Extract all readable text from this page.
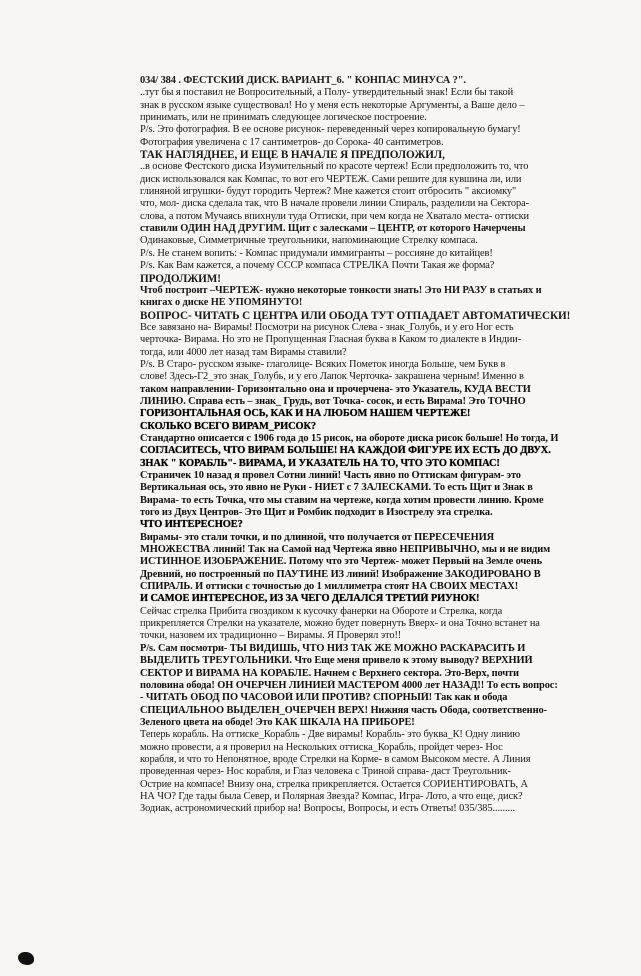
034/ 384 . ФЕСТСКИЙ ДИСК. ВАРИАНТ_6. " КОНПАС МИНУСА ?".
..тут бы я поставил не Вопросительный, а Полу- утвердительный знак! Если бы такой
знак в русском языке существовал! Но у меня есть некоторые Аргументы, а Ваше дело –
принимать, или не принимать следующее логическое построение.
P/s. Это фотография. В ее основе рисунок- переведенный через копировальную бумагу!
Фотография увеличена с 17 сантиметров- до Сорока- 40 сантиметров.
ТАК НАГЛЯДНЕЕ, И ЕЩЕ В НАЧАЛЕ Я ПРЕДПОЛОЖИЛ,
..в основе Фестского диска Изумительный по красоте чертеж! Если предположить то, что
диск использовался как Компас, то вот его ЧЕРТЕЖ. Сами решите для кувшина ли, или
глиняной игрушки- будут городить Чертеж? Мне кажется стоит отбросить " аксиомку"
что, мол- диска сделала так, что В начале провели линии Спираль, разделили на Сектора-
слова, а потом Мучаясь впихнули туда Оттиски, при чем когда не Хватало места- оттиски
ставили ОДИН НАД ДРУГИМ. Щит с залесками – ЦЕНТР, от которого Начерчены
Одинаковые, Симметричные треугольники, напоминающие Стрелку компаса.
P/s. Не станем вопить: - Компас придумали иммигранты – россияне до китайцев!
P/s. Как Вам кажется, а почему СССР компаса СТРЕЛКА Почти Такая же форма?
ПРОДОЛЖИМ!
Чтоб построит –ЧЕРТЕЖ- нужно некоторые тонкости знать! Это НИ РАЗУ в статьях и
книгах о диске НЕ УПОМЯНУТО!
ВОПРОС- ЧИТАТЬ С ЦЕНТРА ИЛИ ОБОДА ТУТ ОТПАДАЕТ АВТОМАТИЧЕСКИ!
Все завязано на- Вирамы! Посмотри на рисунок Слева - знак_Голубь, и у его Ног есть
черточка- Вирама. Но это не Пропущенная Гласная буква в Каком то диалекте в Индии-
тогда, или 4000 лет назад там Вирамы ставили?
P/s. В Старо- русском языке- глаголице- Всяких Пометок иногда Больше, чем Букв в
слове! Здесь-Г2_это знак_Голубь, и у его Лапок Черточка- закрашена черным! Именно в
таком направлении- Горизонтально она и прочерчена- это Указатель, КУДА ВЕСТИ
ЛИНИЮ. Справа есть – знак_ Грудь, вот Точка- сосок, и есть Вирама! Это ТОЧНО
ГОРИЗОНТАЛЬНАЯ ОСЬ, КАК И НА ЛЮБОМ НАШЕМ ЧЕРТЕЖЕ!
СКОЛЬКО ВСЕГО ВИРАМ_РИСОК?
Стандартно описается с 1906 года до 15 рисок, на обороте диска рисок больше! Но тогда, И
СОГЛАСИТЕСЬ, ЧТО ВИРАМ БОЛЬШЕ! НА КАЖДОЙ ФИГУРЕ ИХ ЕСТЬ ДО ДВУХ.
ЗНАК " КОРАБЛЬ"- ВИРАМА, И УКАЗАТЕЛЬ НА ТО, ЧТО ЭТО КОМПАС!
Страничек 10 назад я провел Сотни линий! Часть явно по Оттискам фигурам- это
Вертикальная ось, это явно не Руки - НИЕТ с 7 ЗАЛЕСКАМИ. То есть Щит и Знак в
Вирама- то есть Точка, что мы ставим на чертеже, когда хотим провести линию. Кроме
того из Двух Центров- Это Щит и Ромбик подходит в Изострелу эта стрелка.
ЧТО ИНТЕРЕСНОЕ?
Вирамы- это стали точки, и по длинной, что получается от ПЕРЕСЕЧЕНИЯ
МНОЖЕСТВА линий! Так на Самой над Чертежа явно НЕПРИВЫЧНО, мы и не видим
ИСТИННОЕ ИЗОБРАЖЕНИЕ. Потому что это Чертеж- может Первый на Земле очень
Древний, но построенный по ПАУТИНЕ ИЗ линий! Изображение ЗАКОДИРОВАНО В
СПИРАЛЬ. И оттиски с точностью до 1 миллиметра стоят НА СВОИХ МЕСТАХ!
И САМОЕ ИНТЕРЕСНОЕ, ИЗ ЗА ЧЕГО ДЕЛАЛСЯ ТРЕТИЙ РИУНОК!
Сейчас стрелка Прибита гвоздиком к кусочку фанерки на Обороте и Стрелка, когда
прикрепляется Стрелки на указателе, можно будет повернуть Вверх- и она Точно встанет на
точки, назовем их традиционно – Вирамы. Я Проверял это!!
P/s. Сам посмотри- ТЫ ВИДИШЬ, ЧТО НИЗ ТАК ЖЕ МОЖНО РАСКАРАСИТЬ И
ВЫДЕЛИТЬ ТРЕУГОЛЬНИКИ. Что Еще меня привело к этому выводу? ВЕРХНИЙ
СЕКТОР И ВИРАМА НА КОРАБЛЕ. Начнем с Верхнего сектора. Это-Верх, почти
половина обода! ОН ОЧЕРЧЕН ЛИНИЕЙ МАСТЕРОМ 4000 лет НАЗАД!! То есть вопрос:
- ЧИТАТЬ ОБОД ПО ЧАСОВОЙ ИЛИ ПРОТИВ? СПОРНЫЙ! Так как и обода
СПЕЦИАЛЬНОО ВЫДЕЛЕН_ОЧЕРЧЕН ВЕРХ! Нижняя часть Обода, соответственно-
Зеленого цвета на ободе! Это КАК ШКАЛА НА ПРИБОРЕ!
Теперь корабль. На оттиске_Корабль - Две вирамы! Корабль- это буква_К! Одну линию
можно провести, а я проверил на Нескольких оттиска_Корабль, пройдет через- Нос
корабля, и что то Непонятное, вроде Стрелки на Корме- в самом Высоком месте. А Линия
проведенная через- Нос корабля, и Глаз человека с Триной справа- даст Треугольник-
Острие на компасе! Внизу она, стрелка прикрепляется. Остается СОРИЕНТИРОВАТЬ, А
НА ЧО? Где тады была Север, и Полярная Звезда? Компас, Игра- Лото, а что еще, диск?
Зодиак, астрономический прибор на! Вопросы, Вопросы, и есть Ответы! 035/385.........
